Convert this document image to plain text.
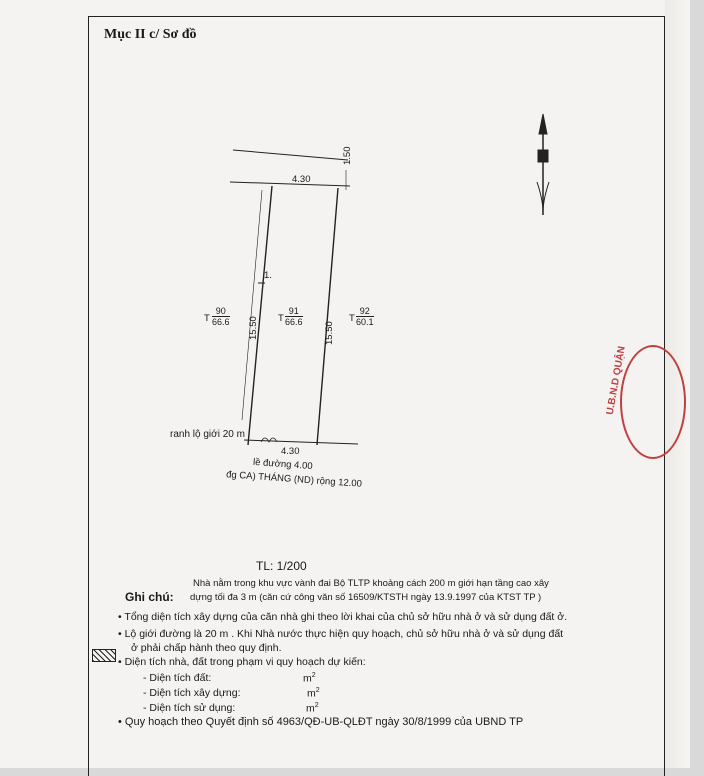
Mục II c/ Sơ đồ
4.30
1.50
15.50	15.50
1.
T $\frac{90}{66.6}$	T $\frac{91}{66.6}$	T $\frac{92}{60.1}$
ranh lộ giới 20 m
4.30
lề đường 4.00
đg CA) THÁNG (ND) rộng 12.00
TL: 1/200
Nhà nằm trong khu vực vành đai Bộ TLTP khoảng cách 200 m giới hạn tầng cao xây
Ghi chú: dựng tối đa 3 m (căn cứ công văn số 16509/KTSTH ngày 13.9.1997 của KTST TP )
• Tổng diện tích xây dựng của căn nhà ghi theo lời khai của chủ sở hữu nhà ở và sử dụng đất ở.
• Lộ giới đường là 20 m . Khi Nhà nước thực hiện quy hoạch, chủ sở hữu nhà ở và sử dụng đất
ở phải chấp hành theo quy định.
• Diện tích nhà, đất trong phạm vi quy hoạch dự kiến:
- Diện tích đất:	$m^2$
- Diện tích xây dựng:	$m^2$
- Diện tích sử dụng:	$m^2$
• Quy hoạch theo Quyết định số 4963/QĐ-UB-QLĐT ngày 30/8/1999 của UBND TP
U.B.N.D QUẬN
